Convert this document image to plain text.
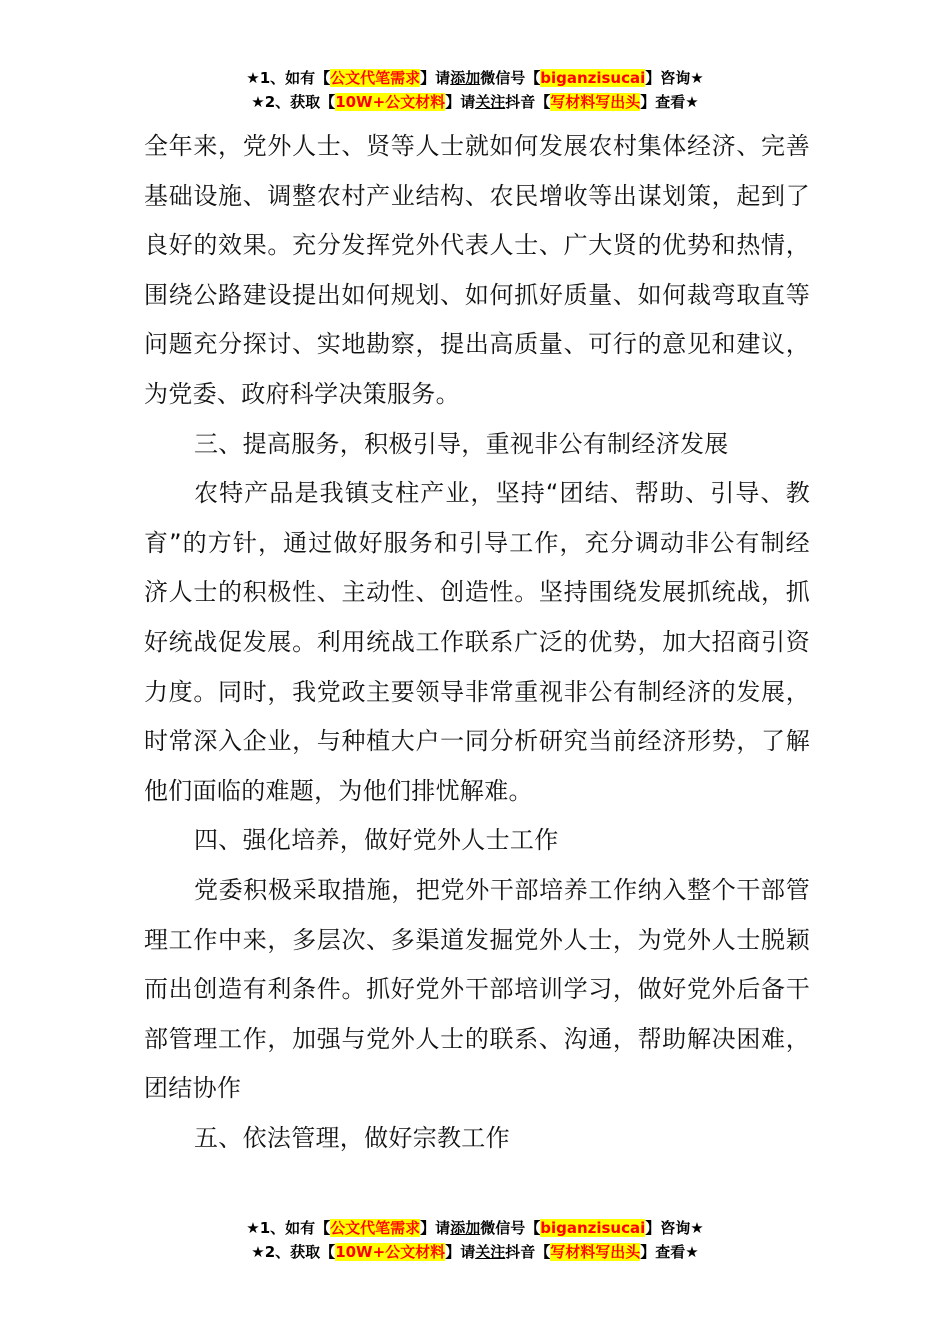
★1、如有【公文代笔需求】请添加微信号【biganzisucai】咨询★
★2、获取【10W+公文材料】请关注抖音【写材料写出头】查看★

全年来，党外人士、贤等人士就如何发展农村集体经济、完善基础设施、调整农村产业结构、农民增收等出谋划策，起到了良好的效果。充分发挥党外代表人士、广大贤的优势和热情，围绕公路建设提出如何规划、如何抓好质量、如何裁弯取直等问题充分探讨、实地勘察，提出高质量、可行的意见和建议，为党委、政府科学决策服务。

三、提高服务，积极引导，重视非公有制经济发展

农特产品是我镇支柱产业，坚持“团结、帮助、引导、教育”的方针，通过做好服务和引导工作，充分调动非公有制经济人士的积极性、主动性、创造性。坚持围绕发展抓统战，抓好统战促发展。利用统战工作联系广泛的优势，加大招商引资力度。同时，我党政主要领导非常重视非公有制经济的发展，时常深入企业，与种植大户一同分析研究当前经济形势，了解他们面临的难题，为他们排忧解难。

四、强化培养，做好党外人士工作

党委积极采取措施，把党外干部培养工作纳入整个干部管理工作中来，多层次、多渠道发掘党外人士，为党外人士脱颖而出创造有利条件。抓好党外干部培训学习，做好党外后备干部管理工作，加强与党外人士的联系、沟通，帮助解决困难，团结协作

五、依法管理，做好宗教工作

★1、如有【公文代笔需求】请添加微信号【biganzisucai】咨询★
★2、获取【10W+公文材料】请关注抖音【写材料写出头】查看★
